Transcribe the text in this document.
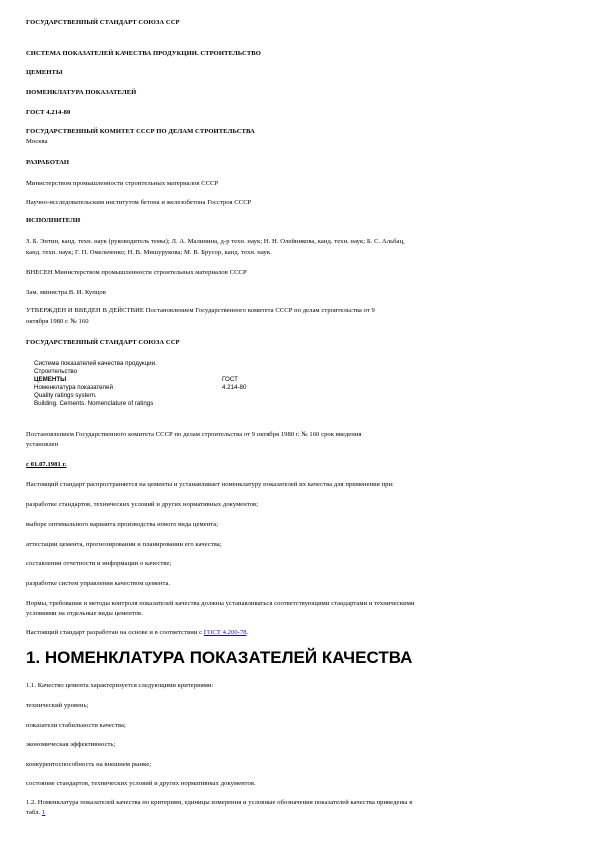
ГОСУДАРСТВЕННЫЙ СТАНДАРТ СОЮЗА ССР
СИСТЕМА ПОКАЗАТЕЛЕЙ КАЧЕСТВА ПРОДУКЦИИ. СТРОИТЕЛЬСТВО
ЦЕМЕНТЫ
НОМЕНКЛАТУРА ПОКАЗАТЕЛЕЙ
ГОСТ 4.214-80
ГОСУДАРСТВЕННЫЙ КОМИТЕТ СССР ПО ДЕЛАМ СТРОИТЕЛЬСТВА
Москва
РАЗРАБОТАН
Министерством промышленности строительных материалов СССР
Научно-исследовательским институтом бетона и железобетона Госстроя СССР
ИСПОЛНИТЕЛИ
З. Б. Энтин, канд. техн. наук (руководитель темы); Л. А. Малинина, д-р техн. наук; Н. Н. Олейникова, канд. техн. наук; Б. С. Альбац,
канд. техн. наук; Г. П. Омельченко; Н. В. Мишурукова; М. В. Брусор, канд. техн. наук.
ВНЕСЕН Министерством промышленности строительных материалов СССР
Зам. министра В. И. Купцов
УТВЕРЖДЕН И ВВЕДЕН В ДЕЙСТВИЕ Постановлением Государственного комитета СССР по делам строительства от 9
октября 1980 г. № 160
ГОСУДАРСТВЕННЫЙ СТАНДАРТ СОЮЗА ССР
Система показателей качества продукции.
Строительство
ЦЕМЕНТЫ	ГОСТ
Номенклатура показателей	4.214-80
Quality ratings system.
Building. Cements. Nomenclature of ratings
Постановлением Государственного комитета СССР по делам строительства от 9 октября 1980 г. № 160 срок введения
установлен
с 01.07.1981 г.
Настоящий стандарт распространяется на цементы и устанавливает номенклатуру показателей их качества для применения при:
разработке стандартов, технических условий и других нормативных документов;
выборе оптимального варианта производства нового вида цемента;
аттестации цемента, прогнозировании и планировании его качества;
составлении отчетности и информации о качестве;
разработке систем управления качеством цемента.
Нормы, требования и методы контроля показателей качества должны устанавливаться соответствующими стандартами и техническими
условиями на отдельные виды цементов.
Настоящий стандарт разработан на основе и в соответствии с ГОСТ 4.200-78.
1. НОМЕНКЛАТУРА ПОКАЗАТЕЛЕЙ КАЧЕСТВА
1.1. Качество цемента характеризуется следующими критериями:
технический уровень;
показатели стабильности качества;
экономическая эффективность;
конкурентоспособность на внешнем рынке;
состояние стандартов, технических условий и других нормативных документов.
1.2. Номенклатура показателей качества по критериям, единицы измерения и условные обозначения показателей качества приведены в
табл. 1
